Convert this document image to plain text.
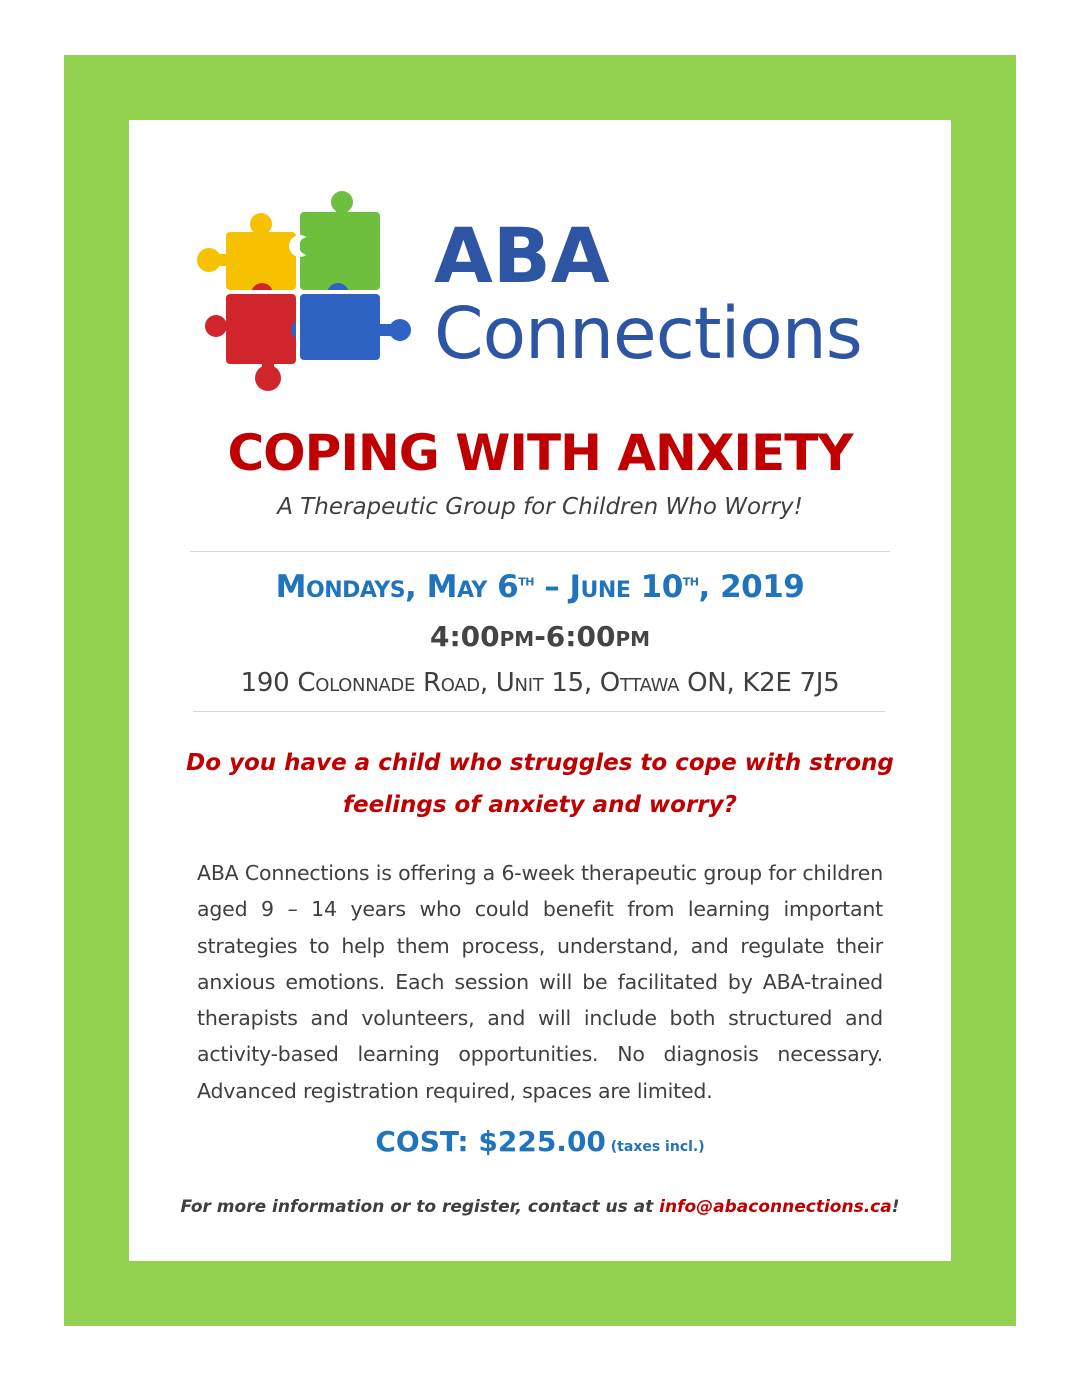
ABA
Connections
COPING WITH ANXIETY
A Therapeutic Group for Children Who Worry!
Mondays, May 6th – June 10th, 2019
4:00pm-6:00pm
190 Colonnade Road, Unit 15, Ottawa ON, K2E 7J5
Do you have a child who struggles to cope with strong
feelings of anxiety and worry?
ABA Connections is offering a 6-week therapeutic group for children aged 9 – 14 years who could benefit from learning important strategies to help them process, understand, and regulate their anxious emotions. Each session will be facilitated by ABA-trained therapists and volunteers, and will include both structured and activity-based learning opportunities. No diagnosis necessary. Advanced registration required, spaces are limited.
COST: $225.00 (taxes incl.)
For more information or to register, contact us at info@abaconnections.ca!
